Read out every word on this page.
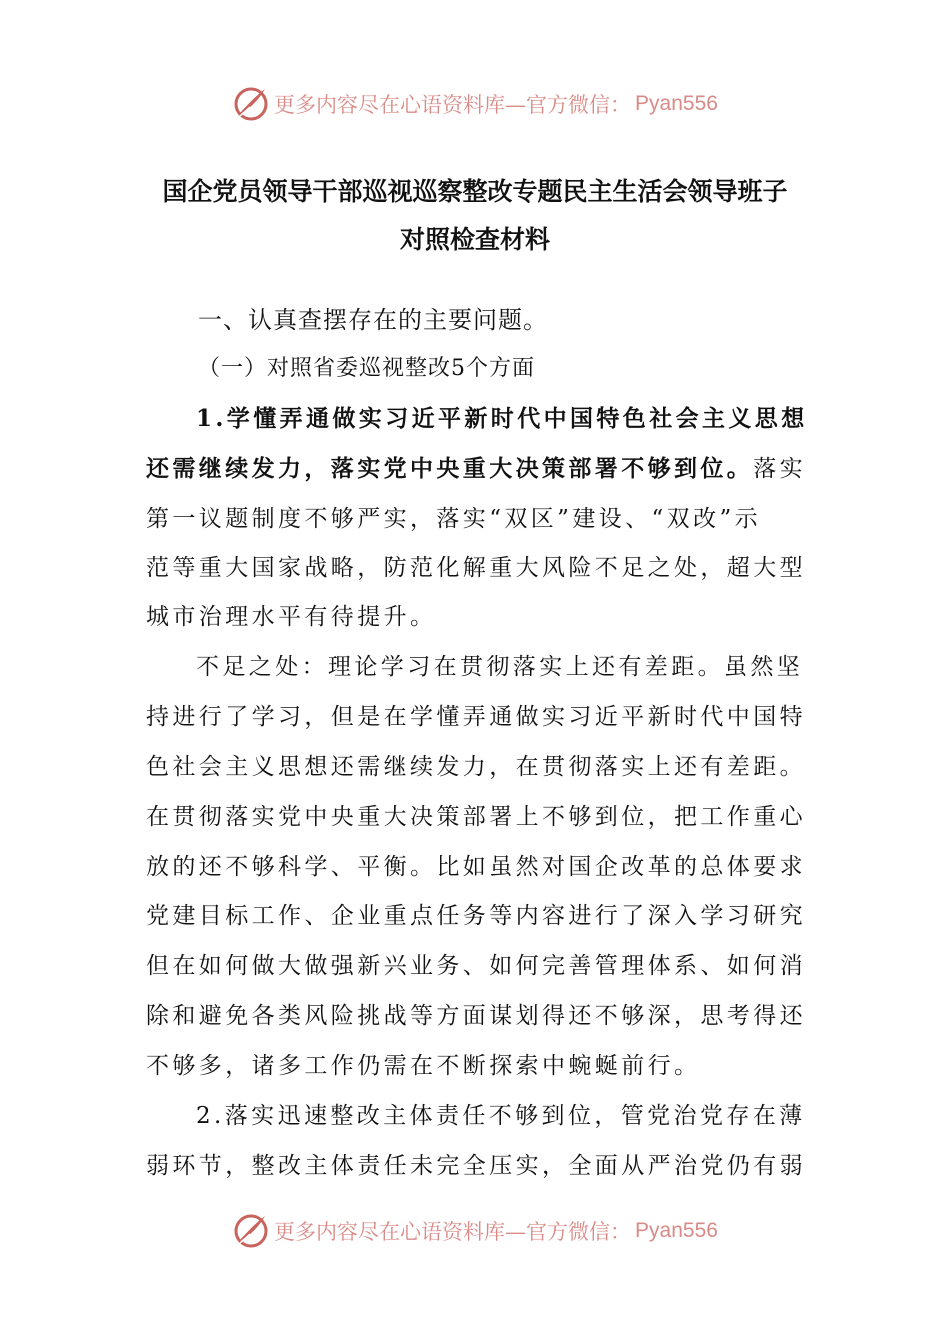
更多内容尽在心语资料库—官方微信： Pyan556
国企党员领导干部巡视巡察整改专题民主生活会领导班子
对照检查材料
一、认真查摆存在的主要问题。
（一）对照省委巡视整改5个方面
1.学懂弄通做实习近平新时代中国特色社会主义思想
还需继续发力，落实党中央重大决策部署不够到位。落实
第一议题制度不够严实，落实“双区”建设、“双改”示
范等重大国家战略，防范化解重大风险不足之处，超大型
城市治理水平有待提升。
不足之处：理论学习在贯彻落实上还有差距。虽然坚
持进行了学习，但是在学懂弄通做实习近平新时代中国特
色社会主义思想还需继续发力，在贯彻落实上还有差距。
在贯彻落实党中央重大决策部署上不够到位，把工作重心
放的还不够科学、平衡。比如虽然对国企改革的总体要求
党建目标工作、企业重点任务等内容进行了深入学习研究
但在如何做大做强新兴业务、如何完善管理体系、如何消
除和避免各类风险挑战等方面谋划得还不够深，思考得还
不够多，诸多工作仍需在不断探索中蜿蜒前行。
2.落实迅速整改主体责任不够到位，管党治党存在薄
弱环节，整改主体责任未完全压实，全面从严治党仍有弱
更多内容尽在心语资料库—官方微信： Pyan556
